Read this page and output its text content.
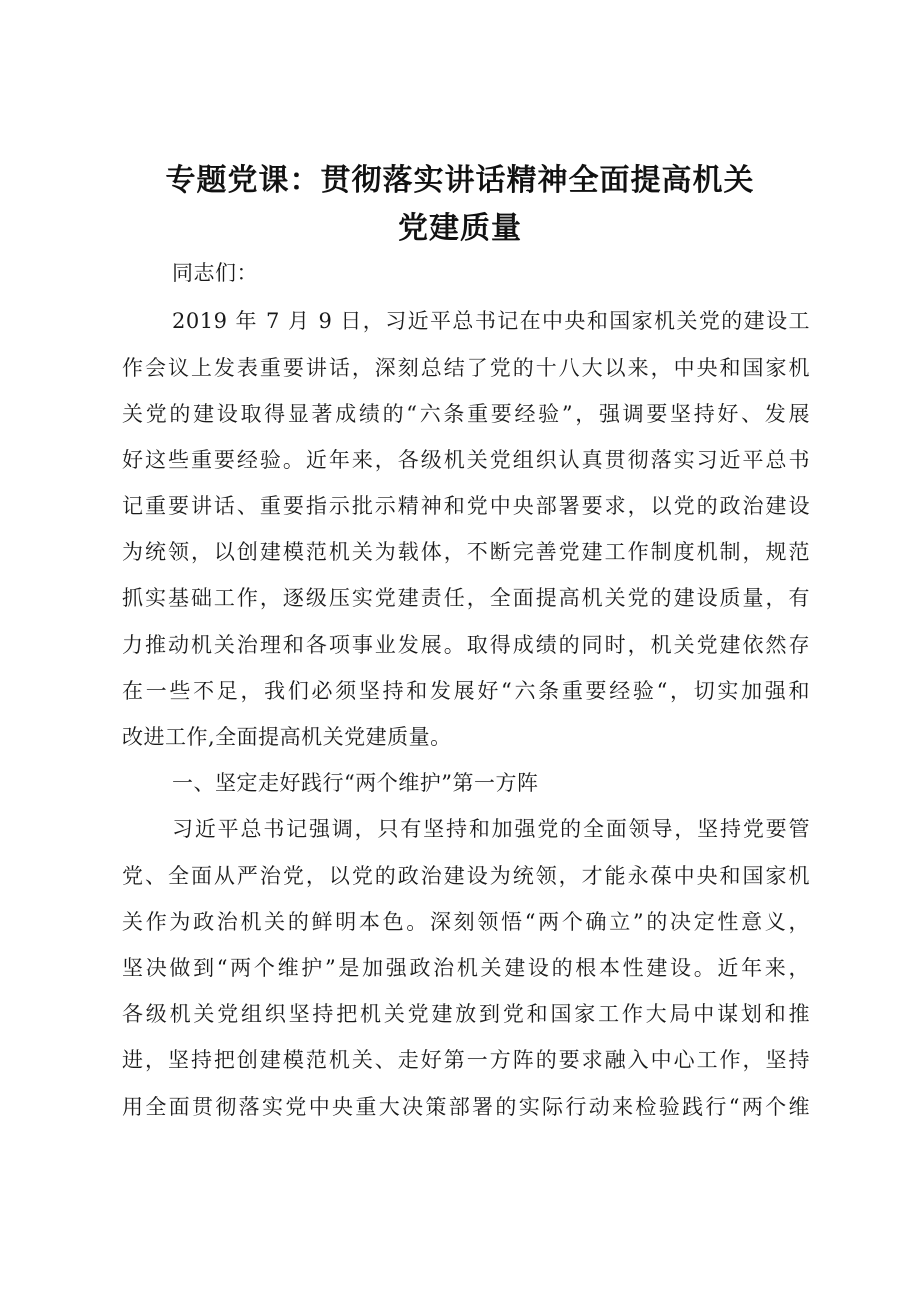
专题党课：贯彻落实讲话精神全面提高机关
党建质量
同志们：
2019 年 7 月 9 日，习近平总书记在中央和国家机关党的建设工
作会议上发表重要讲话，深刻总结了党的十八大以来，中央和国家机
关党的建设取得显著成绩的“六条重要经验”，强调要坚持好、发展
好这些重要经验。近年来，各级机关党组织认真贯彻落实习近平总书
记重要讲话、重要指示批示精神和党中央部署要求，以党的政治建设
为统领，以创建模范机关为载体，不断完善党建工作制度机制，规范
抓实基础工作，逐级压实党建责任，全面提高机关党的建设质量，有
力推动机关治理和各项事业发展。取得成绩的同时，机关党建依然存
在一些不足，我们必须坚持和发展好“六条重要经验“，切实加强和
改进工作,全面提高机关党建质量。
一、坚定走好践行“两个维护”第一方阵
习近平总书记强调，只有坚持和加强党的全面领导，坚持党要管
党、全面从严治党，以党的政治建设为统领，才能永葆中央和国家机
关作为政治机关的鲜明本色。深刻领悟“两个确立”的决定性意义，
坚决做到“两个维护”是加强政治机关建设的根本性建设。近年来，
各级机关党组织坚持把机关党建放到党和国家工作大局中谋划和推
进，坚持把创建模范机关、走好第一方阵的要求融入中心工作，坚持
用全面贯彻落实党中央重大决策部署的实际行动来检验践行“两个维
